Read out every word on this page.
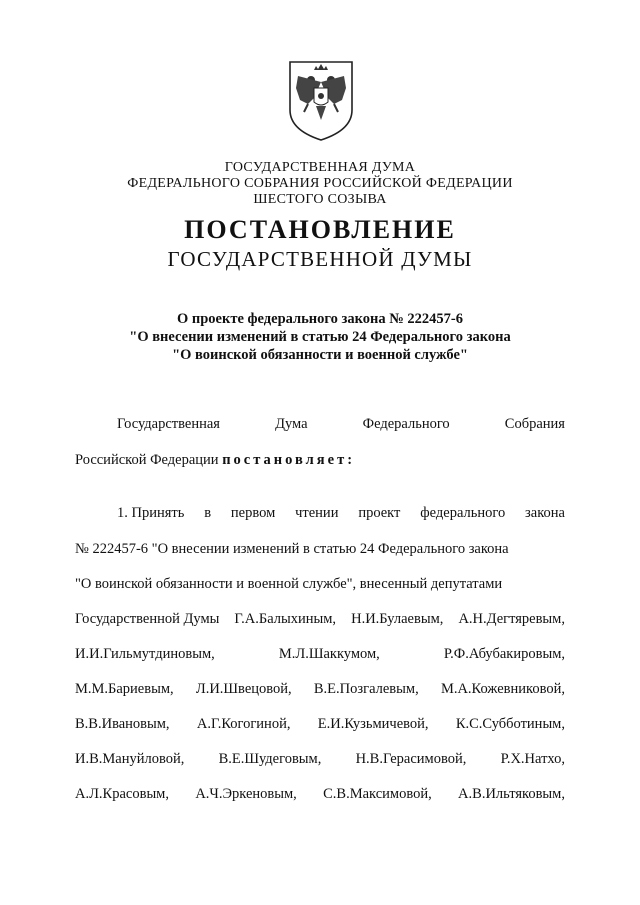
ГОСУДАРСТВЕННАЯ ДУМА
ФЕДЕРАЛЬНОГО СОБРАНИЯ РОССИЙСКОЙ ФЕДЕРАЦИИ
ШЕСТОГО СОЗЫВА
ПОСТАНОВЛЕНИЕ
ГОСУДАРСТВЕННОЙ ДУМЫ
О проекте федерального закона № 222457-6
"О внесении изменений в статью 24 Федерального закона
"О воинской обязанности и военной службе"
Государственная	Дума	Федерального	Собрания
Российской Федерации постановляет:
1. Принять в первом чтении проект федерального закона
№ 222457-6 "О внесении изменений в статью 24 Федерального закона
"О воинской обязанности и военной службе", внесенный депутатами
Государственной Думы Г.А.Балыхиным, Н.И.Булаевым, А.Н.Дегтяревым,
И.И.Гильмутдиновым,	М.Л.Шаккумом,	Р.Ф.Абубакировым,
М.М.Бариевым, Л.И.Швецовой, В.Е.Позгалевым, М.А.Кожевниковой,
В.В.Ивановым, А.Г.Когогиной, Е.И.Кузьмичевой, К.С.Субботиным,
И.В.Мануйловой, В.Е.Шудеговым, Н.В.Герасимовой, Р.Х.Натхо,
А.Л.Красовым, А.Ч.Эркеновым, С.В.Максимовой, А.В.Ильтяковым,
